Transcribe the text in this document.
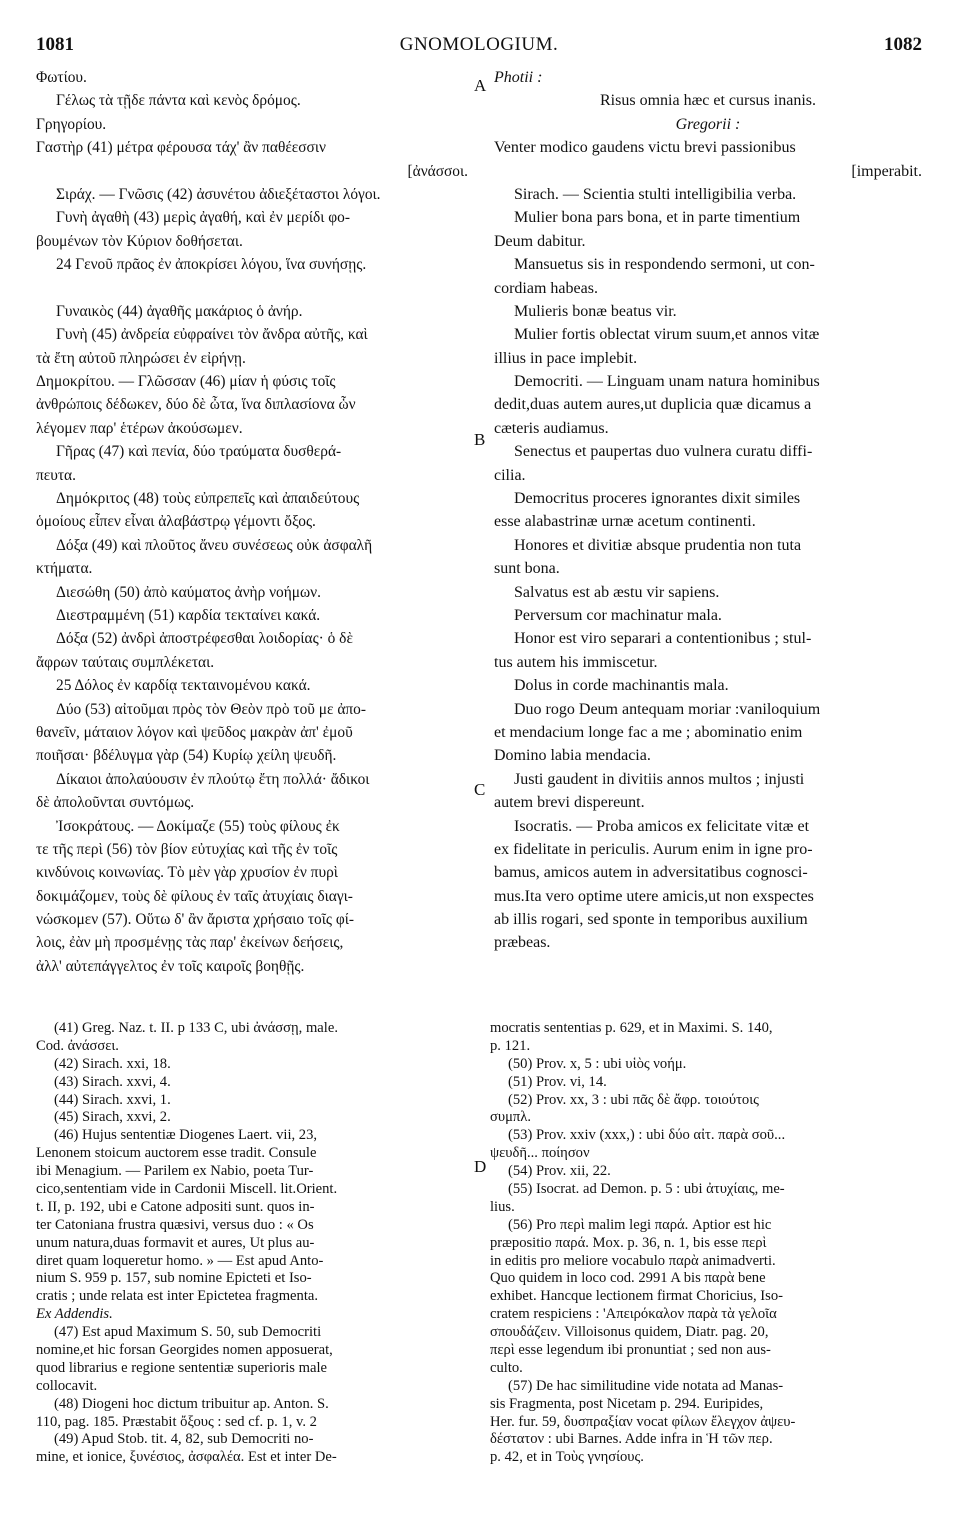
1081	GNOMOLOGIUM.	1082
Φωτίου.
Γέλως τὰ τῇδε πάντα καὶ κενὸς δρόμος.
Γρηγορίου.
Γαστὴρ (41) μέτρα φέρουσα τάχ' ἂν παθέεσσιν
[ἀνάσσοι.
Σιράχ. — Γνῶσις (42) ἀσυνέτου ἀδιεξέταστοι λόγοι.
Γυνὴ ἀγαθὴ (43) μερὶς ἀγαθή, καὶ ἐν μερίδι φο-
βουμένων τὸν Κύριον δοθήσεται.
24 Γενοῦ πρᾶος ἐν ἀποκρίσει λόγου, ἵνα συνήσῃς.
Γυναικὸς (44) ἀγαθῆς μακάριος ὁ ἀνήρ.
Γυνὴ (45) ἀνδρεία εὐφραίνει τὸν ἄνδρα αὐτῆς, καὶ
τὰ ἔτη αὐτοῦ πληρώσει ἐν εἰρήνῃ.
Δημοκρίτου. — Γλῶσσαν (46) μίαν ἡ φύσις τοῖς
ἀνθρώποις δέδωκεν, δύο δὲ ὦτα, ἵνα διπλασίονα ὧν
λέγομεν παρ' ἑτέρων ἀκούσωμεν.
Γῆρας (47) καὶ πενία, δύο τραύματα δυσθερά-
πευτα.
Δημόκριτος (48) τοὺς εὐπρεπεῖς καὶ ἀπαιδεύτους
ὁμοίους εἶπεν εἶναι ἀλαβάστρῳ γέμοντι ὄξος.
Δόξα (49) καὶ πλοῦτος ἄνευ συνέσεως οὐκ ἀσφαλῆ
κτήματα.
Διεσώθη (50) ἀπὸ καύματος ἀνὴρ νοήμων.
Διεστραμμένη (51) καρδία τεκταίνει κακά.
Δόξα (52) ἀνδρὶ ἀποστρέφεσθαι λοιδορίας· ὁ δὲ
ἄφρων ταύταις συμπλέκεται.
25 Δόλος ἐν καρδίᾳ τεκταινομένου κακά.
Δύο (53) αἰτοῦμαι πρὸς τὸν Θεὸν πρὸ τοῦ με ἀπο-
θανεῖν, μάταιον λόγον καὶ ψεῦδος μακρὰν ἀπ' ἐμοῦ
ποιῆσαι· βδέλυγμα γὰρ (54) Κυρίῳ χείλη ψευδῆ.
Δίκαιοι ἀπολαύουσιν ἐν πλούτῳ ἔτη πολλά· ἄδικοι
δὲ ἀπολοῦνται συντόμως.
Ἰσοκράτους. — Δοκίμαζε (55) τοὺς φίλους ἐκ
τε τῆς περὶ (56) τὸν βίον εὐτυχίας καὶ τῆς ἐν τοῖς
κινδύνοις κοινωνίας. Τὸ μὲν γὰρ χρυσίον ἐν πυρὶ
δοκιμάζομεν, τοὺς δὲ φίλους ἐν ταῖς ἀτυχίαις διαγι-
νώσκομεν (57). Οὕτω δ' ἂν ἄριστα χρήσαιο τοῖς φί-
λοις, ἐὰν μὴ προσμένῃς τὰς παρ' ἐκείνων δεήσεις,
ἀλλ' αὐτεπάγγελτος ἐν τοῖς καιροῖς βοηθῇς.
Photii :
Risus omnia hæc et cursus inanis.
Gregorii :
Venter modico gaudens victu brevi passionibus
[imperabit.
Sirach. — Scientia stulti intelligibilia verba.
Mulier bona pars bona, et in parte timentium
Deum dabitur.
Mansuetus sis in respondendo sermoni, ut con-
cordiam habeas.
Mulieris bonæ beatus vir.
Mulier fortis oblectat virum suum,et annos vitæ
illius in pace implebit.
Democriti. — Linguam unam natura hominibus
dedit,duas autem aures,ut duplicia quæ dicamus a
cæteris audiamus.
Senectus et paupertas duo vulnera curatu diffi-
cilia.
Democritus proceres ignorantes dixit similes
esse alabastrinæ urnæ acetum continenti.
Honores et divitiæ absque prudentia non tuta
sunt bona.
Salvatus est ab æstu vir sapiens.
Perversum cor machinatur mala.
Honor est viro separari a contentionibus ; stul-
tus autem his immiscetur.
Dolus in corde machinantis mala.
Duo rogo Deum antequam moriar :vaniloquium
et mendacium longe fac a me ; abominatio enim
Domino labia mendacia.
Justi gaudent in divitiis annos multos ; injusti
autem brevi dispereunt.
Isocratis. — Proba amicos ex felicitate vitæ et
ex fidelitate in periculis. Aurum enim in igne pro-
bamus, amicos autem in adversitatibus cognosci-
mus.Ita vero optime utere amicis,ut non exspectes
ab illis rogari, sed sponte in temporibus auxilium
præbeas.
A
B
C
D
(41) Greg. Naz. t. II. p 133 C, ubi ἀνάσσῃ, male.
Cod. ἀνάσσει.
(42) Sirach. xxi, 18.
(43) Sirach. xxvi, 4.
(44) Sirach. xxvi, 1.
(45) Sirach, xxvi, 2.
(46) Hujus sententiæ Diogenes Laert. vii, 23,
Lenonem stoicum auctorem esse tradit. Consule
ibi Menagium. — Parilem ex Nabio, poeta Tur-
cico,sententiam vide in Cardonii Miscell. lit.Orient.
t. II, p. 192, ubi e Catone adpositi sunt. quos in-
ter Catoniana frustra quæsivi, versus duo : « Os
unum natura,duas formavit et aures, Ut plus au-
diret quam loqueretur homo. » — Est apud Anto-
nium S. 959 p. 157, sub nomine Epicteti et Iso-
cratis ; unde relata est inter Epictetea fragmenta.
Ex Addendis.
(47) Est apud Maximum S. 50, sub Democriti
nomine,et hic forsan Georgides nomen apposuerat,
quod librarius e regione sententiæ superioris male
collocavit.
(48) Diogeni hoc dictum tribuitur ap. Anton. S.
110, pag. 185. Præstabit ὄξους : sed cf. p. 1, v. 2
(49) Apud Stob. tit. 4, 82, sub Democriti no-
mine, et ionice, ξυνέσιος, ἀσφαλέα. Est et inter De-
mocratis sententias p. 629, et in Maximi. S. 140,
p. 121.
(50) Prov. x, 5 : ubi υἱὸς νοήμ.
(51) Prov. vi, 14.
(52) Prov. xx, 3 : ubi πᾶς δὲ ἄφρ. τοιούτοις
συμπλ.
(53) Prov. xxiv (xxx,) : ubi δύο αἰτ. παρὰ σοῦ...
ψευδῆ... ποίησον
(54) Prov. xii, 22.
(55) Isocrat. ad Demon. p. 5 : ubi ἀτυχίαις, me-
lius.
(56) Pro περὶ malim legi παρά. Aptior est hic
præpositio παρά. Mox. p. 36, n. 1, bis esse περὶ
in editis pro meliore vocabulo παρὰ animadverti.
Quo quidem in loco cod. 2991 A bis παρὰ bene
exhibet. Hancque lectionem firmat Choricius, Iso-
cratem respiciens : 'Απειρόκαλον παρὰ τὰ γελοῖα
σπουδάζειν. Villoisonus quidem, Diatr. pag. 20,
περὶ esse legendum ibi pronuntiat ; sed non aus-
culto.
(57) De hac similitudine vide notata ad Manas-
sis Fragmenta, post Nicetam p. 294. Euripides,
Her. fur. 59, δυσπραξίαν vocat φίλων ἔλεγχον ἀψευ-
δέστατον : ubi Barnes. Adde infra in Ἡ τῶν περ.
p. 42, et in Τοὺς γνησίους.
